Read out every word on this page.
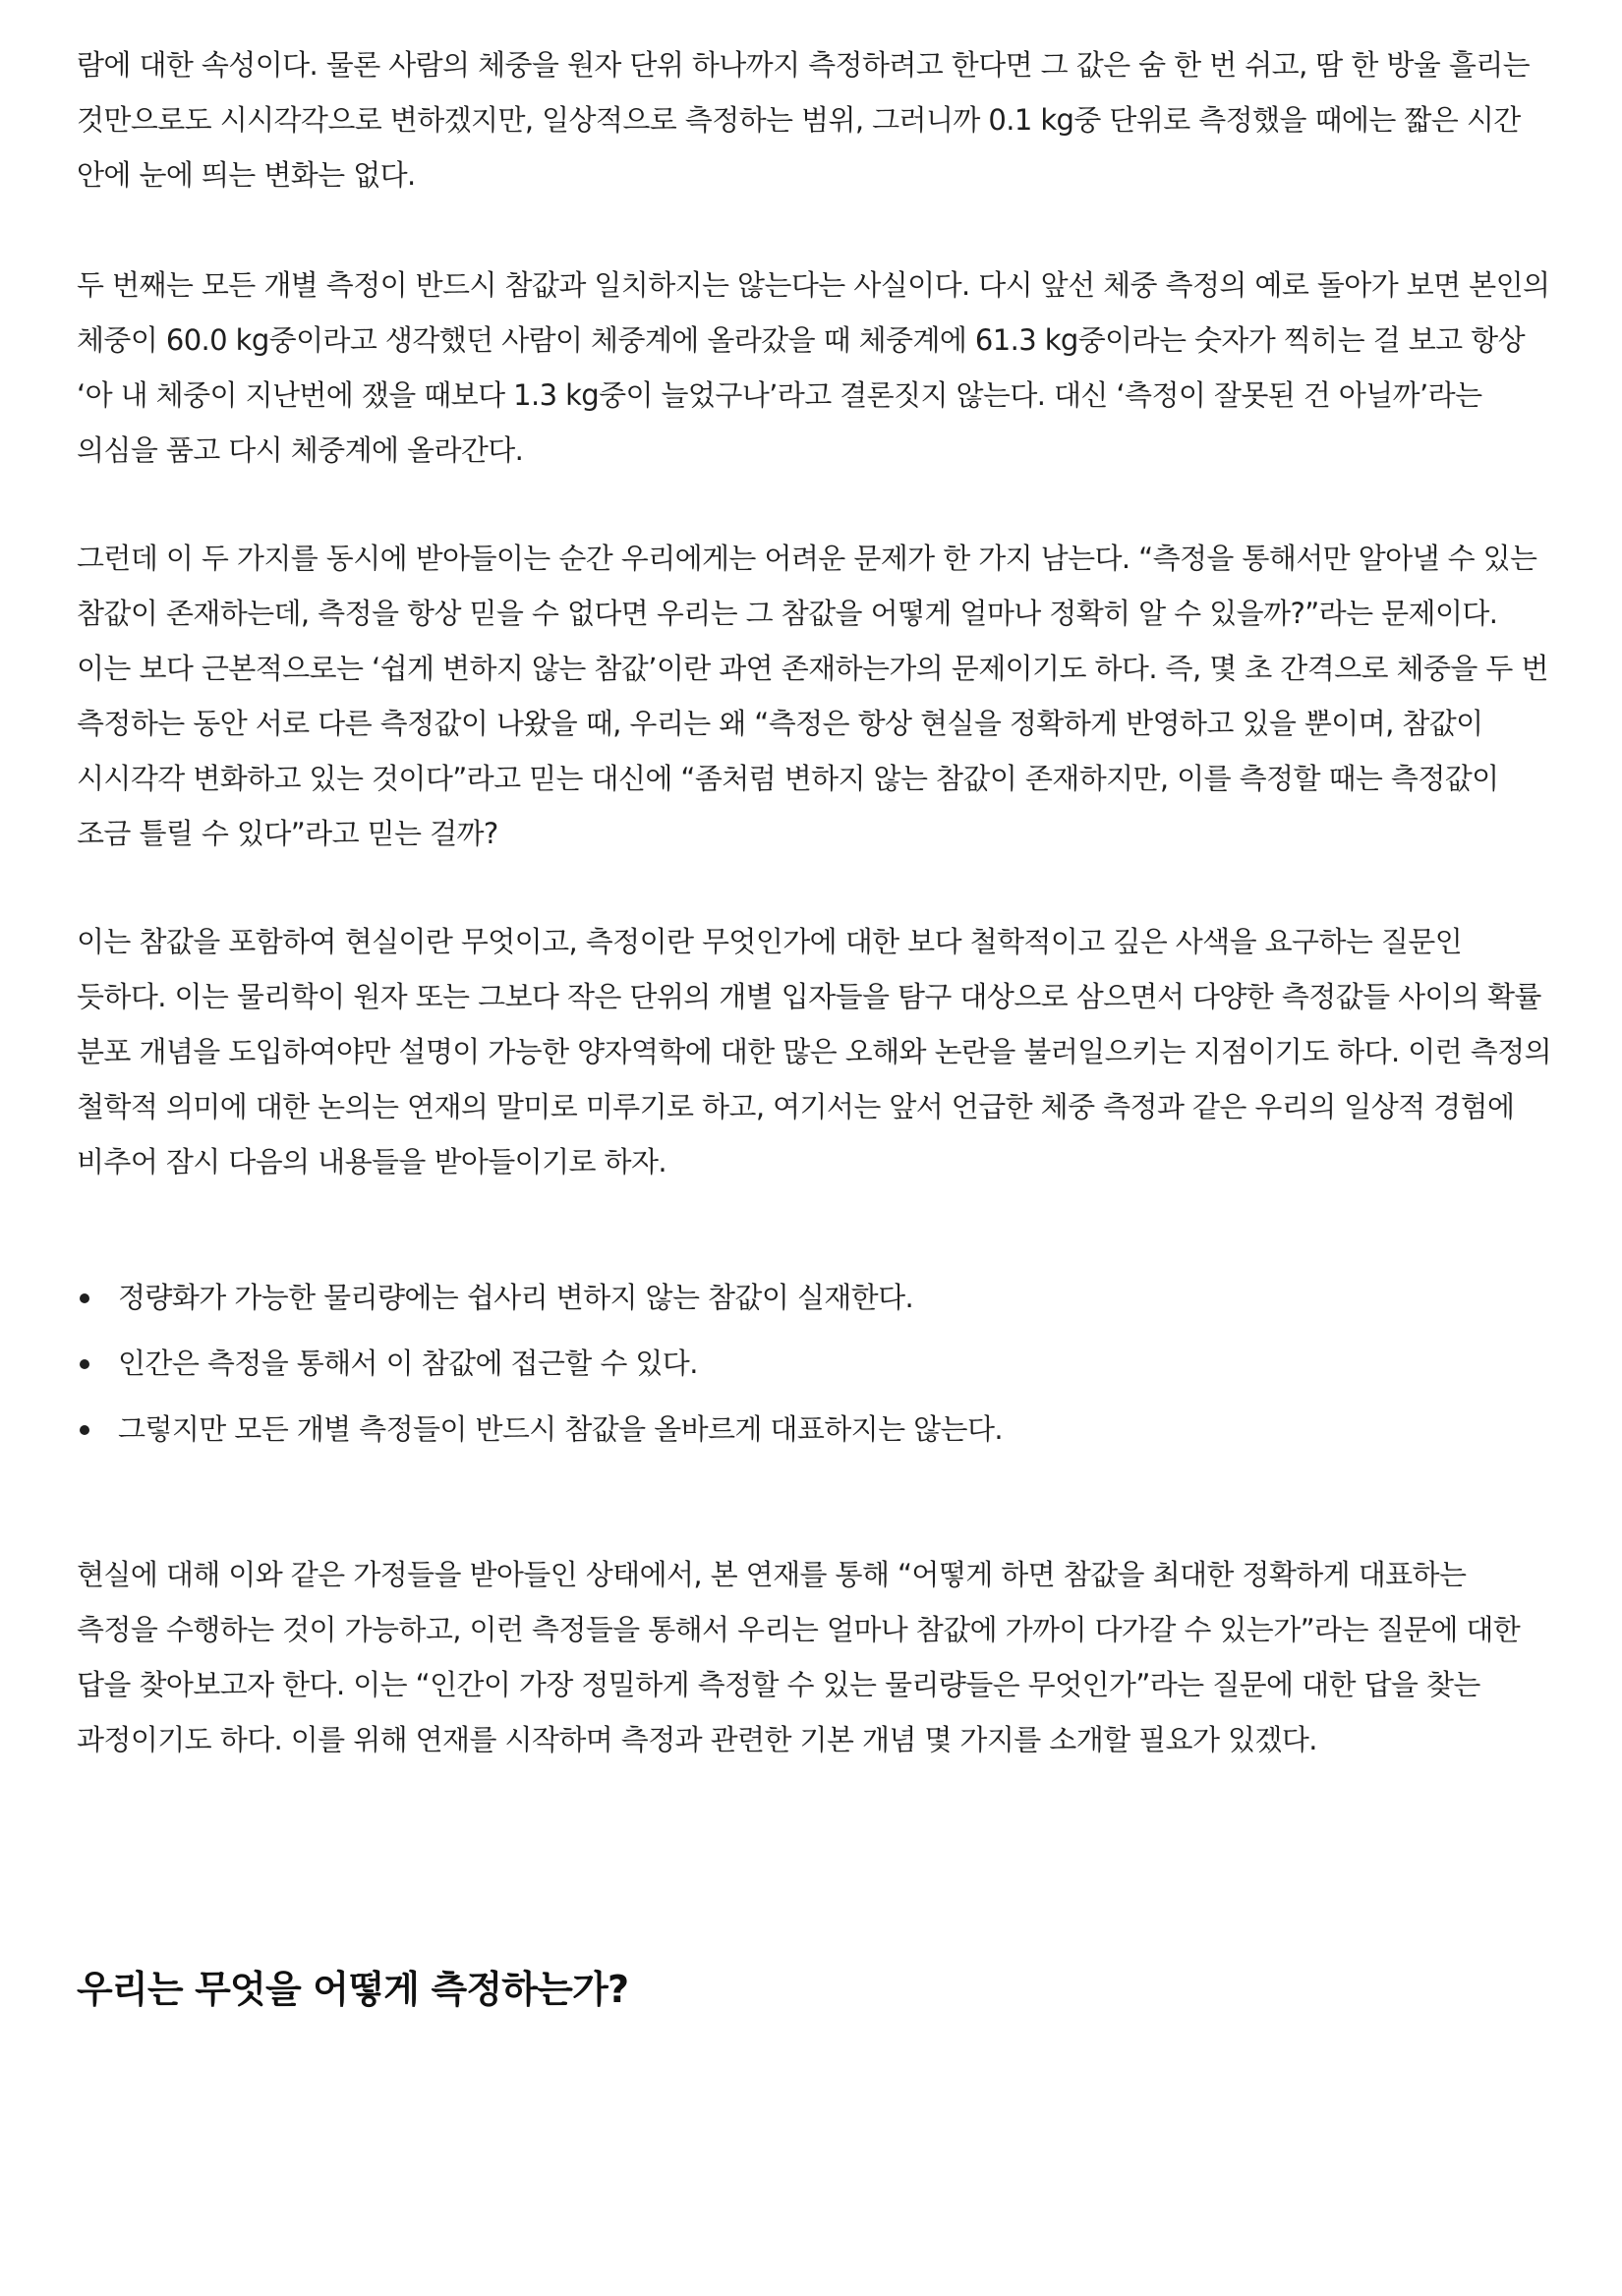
람에 대한 속성이다. 물론 사람의 체중을 원자 단위 하나까지 측정하려고 한다면 그 값은 숨 한 번 쉬고, 땀 한 방울 흘리는 것만으로도 시시각각으로 변하겠지만, 일상적으로 측정하는 범위, 그러니까 0.1 kg중 단위로 측정했을 때에는 짧은 시간 안에 눈에 띄는 변화는 없다.

두 번째는 모든 개별 측정이 반드시 참값과 일치하지는 않는다는 사실이다. 다시 앞선 체중 측정의 예로 돌아가 보면 본인의 체중이 60.0 kg중이라고 생각했던 사람이 체중계에 올라갔을 때 체중계에 61.3 kg중이라는 숫자가 찍히는 걸 보고 항상 ‘아 내 체중이 지난번에 쟀을 때보다 1.3 kg중이 늘었구나’라고 결론짓지 않는다. 대신 ‘측정이 잘못된 건 아닐까’라는 의심을 품고 다시 체중계에 올라간다.

그런데 이 두 가지를 동시에 받아들이는 순간 우리에게는 어려운 문제가 한 가지 남는다. “측정을 통해서만 알아낼 수 있는 참값이 존재하는데, 측정을 항상 믿을 수 없다면 우리는 그 참값을 어떻게 얼마나 정확히 알 수 있을까?”라는 문제이다. 이는 보다 근본적으로는 ‘쉽게 변하지 않는 참값’이란 과연 존재하는가의 문제이기도 하다. 즉, 몇 초 간격으로 체중을 두 번 측정하는 동안 서로 다른 측정값이 나왔을 때, 우리는 왜 “측정은 항상 현실을 정확하게 반영하고 있을 뿐이며, 참값이 시시각각 변화하고 있는 것이다”라고 믿는 대신에 “좀처럼 변하지 않는 참값이 존재하지만, 이를 측정할 때는 측정값이 조금 틀릴 수 있다”라고 믿는 걸까?

이는 참값을 포함하여 현실이란 무엇이고, 측정이란 무엇인가에 대한 보다 철학적이고 깊은 사색을 요구하는 질문인 듯하다. 이는 물리학이 원자 또는 그보다 작은 단위의 개별 입자들을 탐구 대상으로 삼으면서 다양한 측정값들 사이의 확률 분포 개념을 도입하여야만 설명이 가능한 양자역학에 대한 많은 오해와 논란을 불러일으키는 지점이기도 하다. 이런 측정의 철학적 의미에 대한 논의는 연재의 말미로 미루기로 하고, 여기서는 앞서 언급한 체중 측정과 같은 우리의 일상적 경험에 비추어 잠시 다음의 내용들을 받아들이기로 하자.

정량화가 가능한 물리량에는 쉽사리 변하지 않는 참값이 실재한다.
인간은 측정을 통해서 이 참값에 접근할 수 있다.
그렇지만 모든 개별 측정들이 반드시 참값을 올바르게 대표하지는 않는다.

현실에 대해 이와 같은 가정들을 받아들인 상태에서, 본 연재를 통해 “어떻게 하면 참값을 최대한 정확하게 대표하는 측정을 수행하는 것이 가능하고, 이런 측정들을 통해서 우리는 얼마나 참값에 가까이 다가갈 수 있는가”라는 질문에 대한 답을 찾아보고자 한다. 이는 “인간이 가장 정밀하게 측정할 수 있는 물리량들은 무엇인가”라는 질문에 대한 답을 찾는 과정이기도 하다. 이를 위해 연재를 시작하며 측정과 관련한 기본 개념 몇 가지를 소개할 필요가 있겠다.

우리는 무엇을 어떻게 측정하는가?
